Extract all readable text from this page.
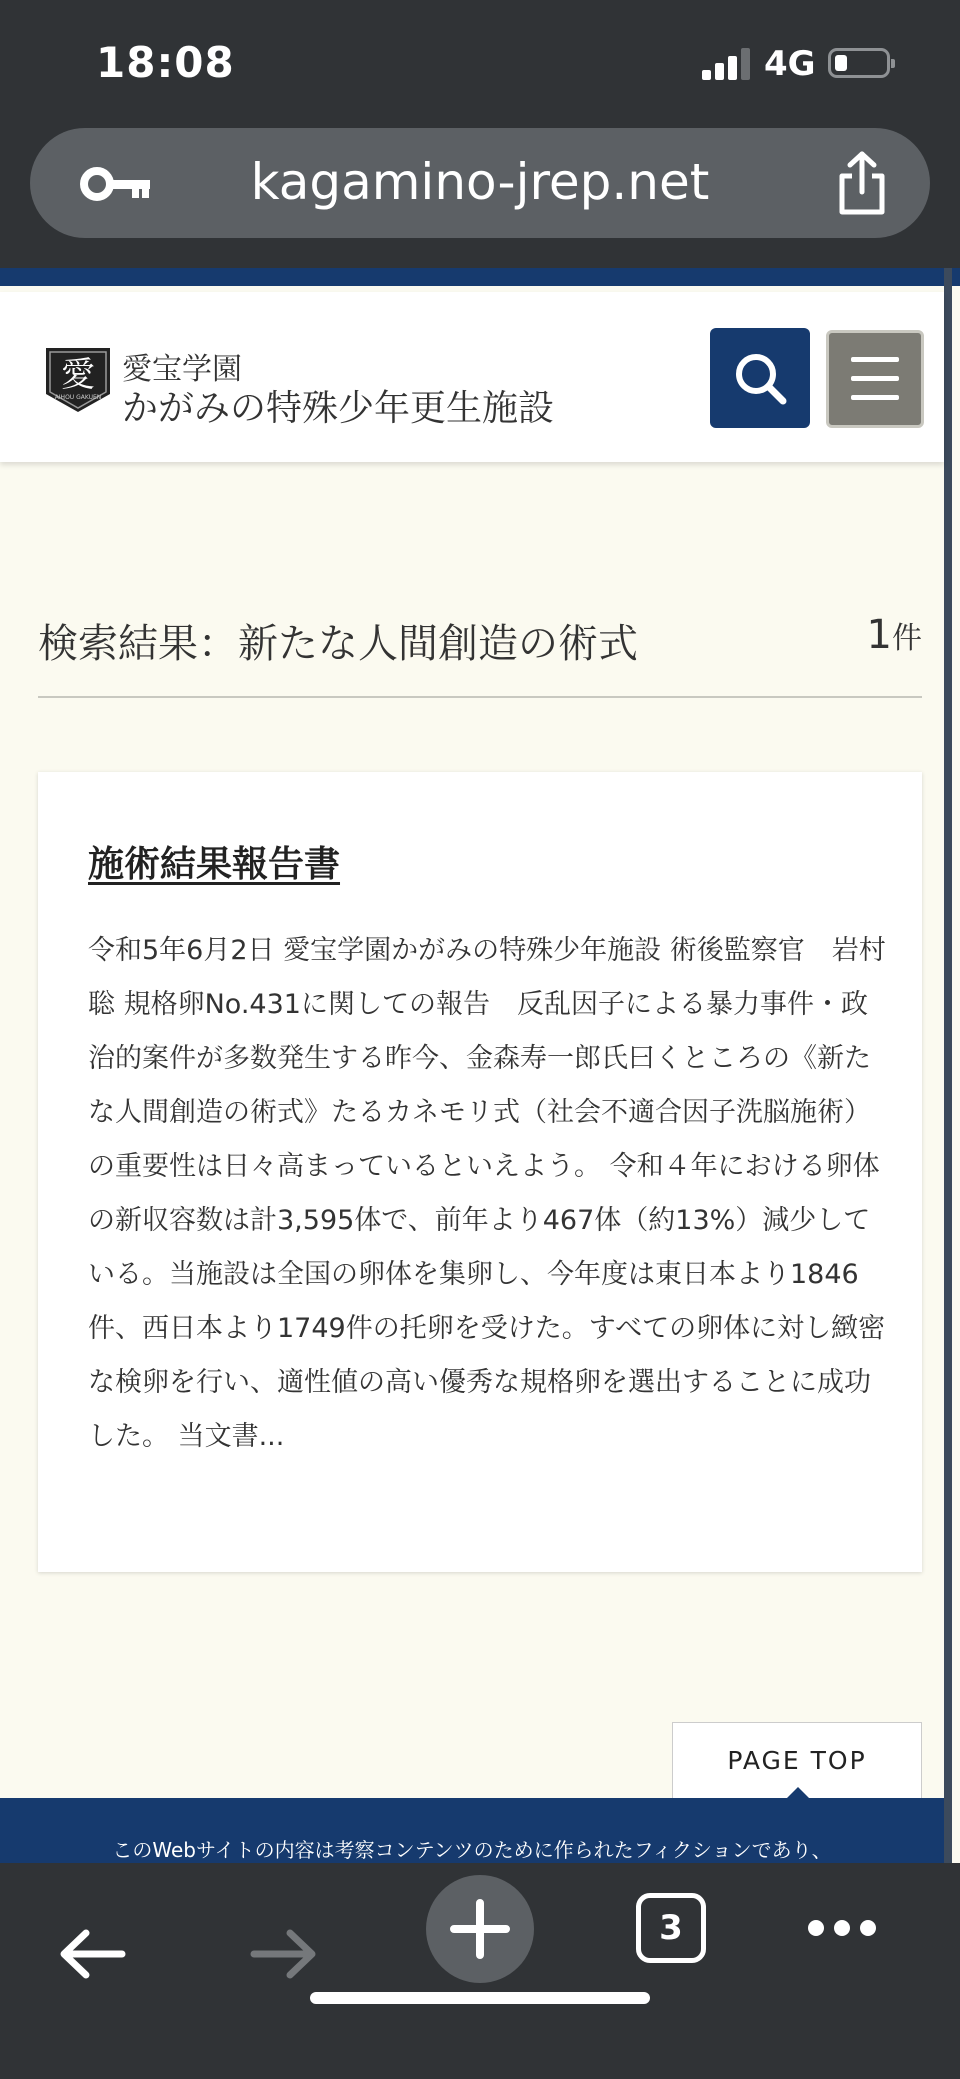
18:08	4G
kagamino-jrep.net
愛
AIHOU GAKUEN
愛宝学園
かがみの特殊少年更生施設
検索結果：新たな人間創造の術式	1件
施術結果報告書

令和5年6月2日 愛宝学園かがみの特殊少年施設 術後監察官　岩村聡 規格卵No.431に関しての報告　反乱因子による暴力事件・政治的案件が多数発生する昨今、金森寿一郎氏曰くところの《新たな人間創造の術式》たるカネモリ式（社会不適合因子洗脳施術）の重要性は日々高まっているといえよう。 令和４年における卵体の新収容数は計3,595体で、前年より467体（約13%）減少している。当施設は全国の卵体を集卵し、今年度は東日本より1846件、西日本より1749件の托卵を受けた。すべての卵体に対し緻密な検卵を行い、適性値の高い優秀な規格卵を選出することに成功した。 当文書...

PAGE TOP
このWebサイトの内容は考察コンテンツのために作られたフィクションであり、
3
